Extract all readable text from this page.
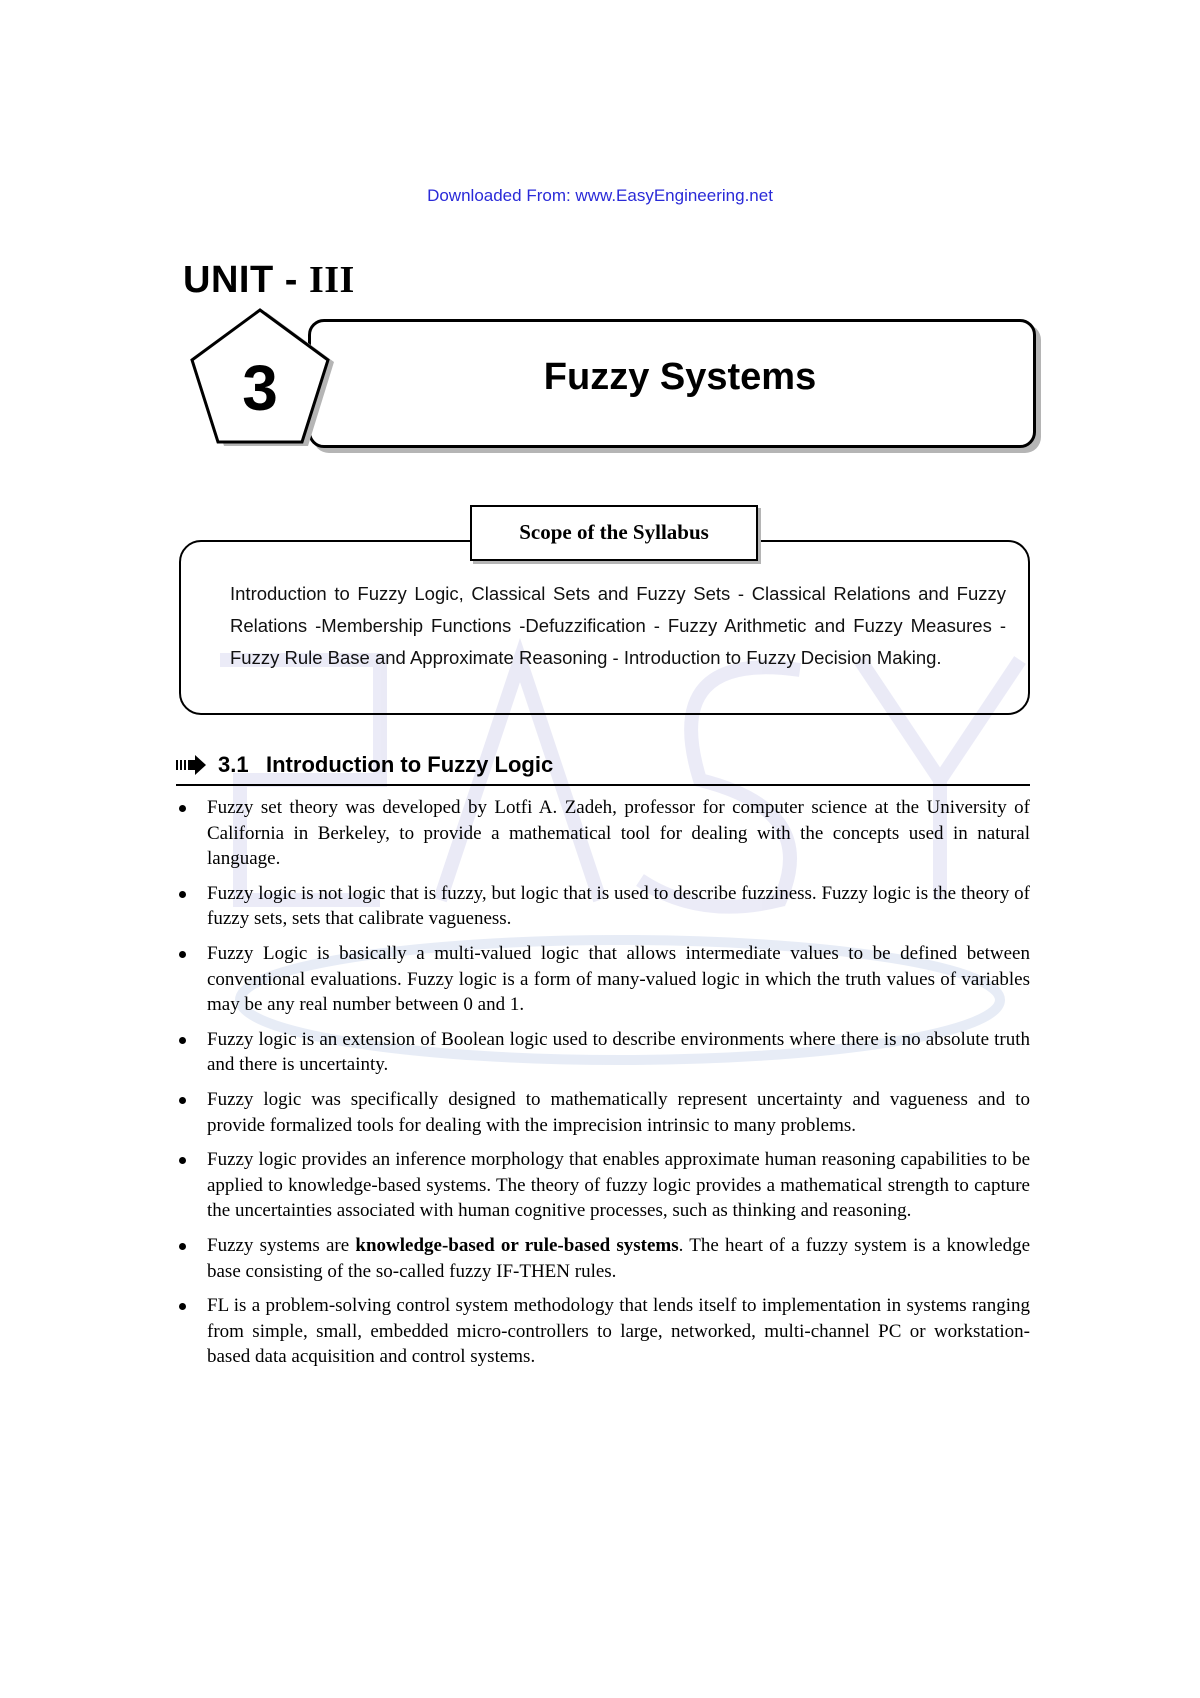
Downloaded From: www.EasyEngineering.net
UNIT - III
Fuzzy Systems
3
Scope of the Syllabus
Introduction to Fuzzy Logic, Classical Sets and Fuzzy Sets - Classical Relations and Fuzzy Relations -Membership Functions -Defuzzification - Fuzzy Arithmetic and Fuzzy Measures -Fuzzy Rule Base and Approximate Reasoning - Introduction to Fuzzy Decision Making.
3.1 Introduction to Fuzzy Logic
Fuzzy set theory was developed by Lotfi A. Zadeh, professor for computer science at the University of California in Berkeley, to provide a mathematical tool for dealing with the concepts used in natural language.
Fuzzy logic is not logic that is fuzzy, but logic that is used to describe fuzziness. Fuzzy logic is the theory of fuzzy sets, sets that calibrate vagueness.
Fuzzy Logic is basically a multi-valued logic that allows intermediate values to be defined between conventional evaluations. Fuzzy logic is a form of many-valued logic in which the truth values of variables may be any real number between 0 and 1.
Fuzzy logic is an extension of Boolean logic used to describe environments where there is no absolute truth and there is uncertainty.
Fuzzy logic was specifically designed to mathematically represent uncertainty and vagueness and to provide formalized tools for dealing with the imprecision intrinsic to many problems.
Fuzzy logic provides an inference morphology that enables approximate human reasoning capabilities to be applied to knowledge-based systems. The theory of fuzzy logic provides a mathematical strength to capture the uncertainties associated with human cognitive processes, such as thinking and reasoning.
Fuzzy systems are knowledge-based or rule-based systems. The heart of a fuzzy system is a knowledge base consisting of the so-called fuzzy IF-THEN rules.
FL is a problem-solving control system methodology that lends itself to implementation in systems ranging from simple, small, embedded micro-controllers to large, networked, multi-channel PC or workstation-based data acquisition and control systems.
